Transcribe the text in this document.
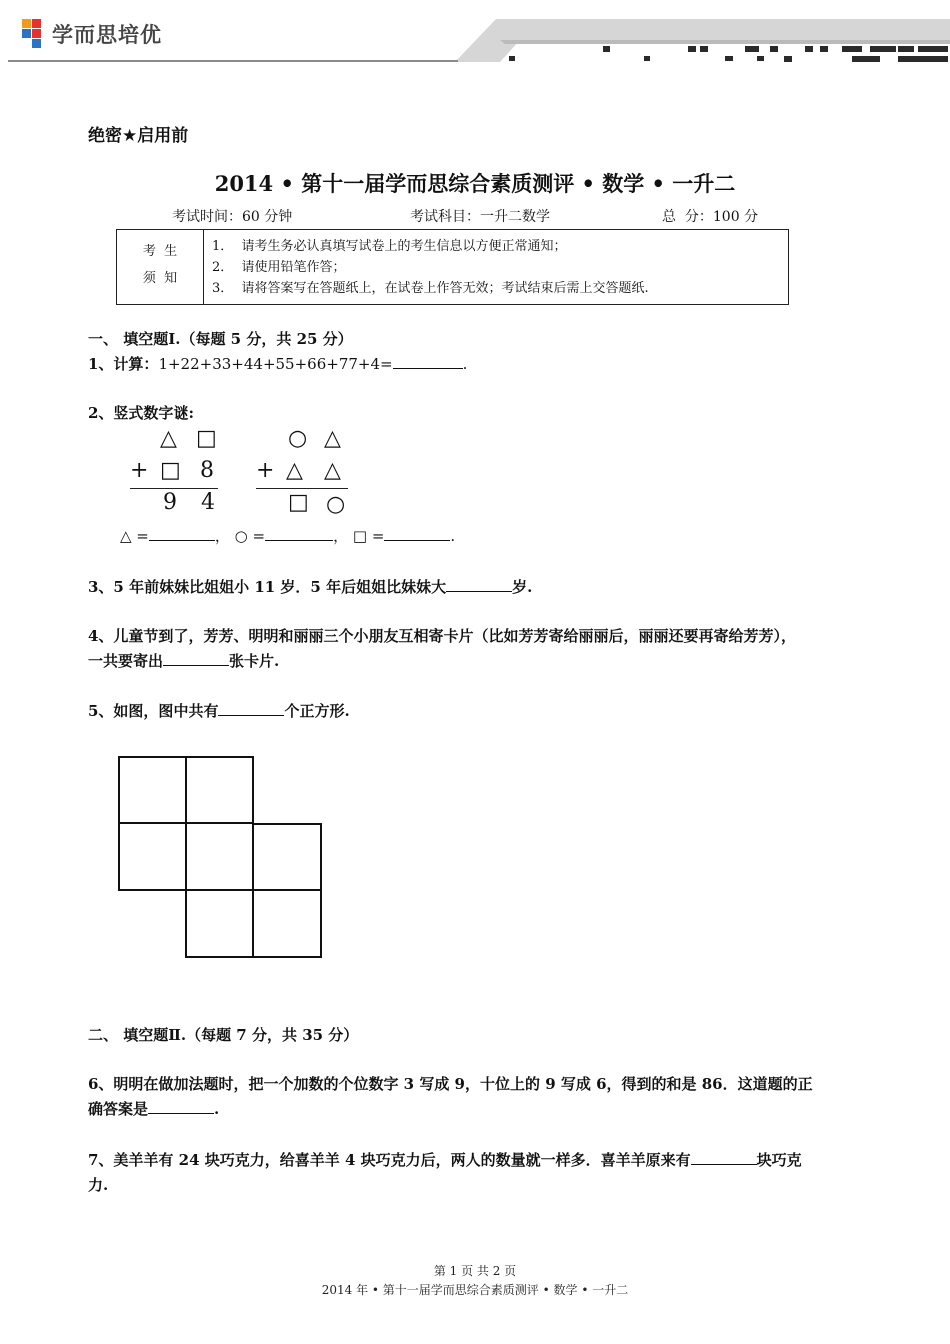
学而思培优
绝密★启用前
2014 • 第十一届学而思综合素质测评 • 数学 • 一升二
考试时间：60 分钟	考试科目：一升二数学	总  分：100 分
考  生
须  知

1．  请考生务必认真填写试卷上的考生信息以方便正常通知；
2．  请使用铅笔作答；
3．  请将答案写在答题纸上，在试卷上作答无效；考试结束后需上交答题纸.
一、 填空题Ⅰ.（每题 5 分，共 25 分）
1、计算：1+22+33+44+55+66+77+4=	.
2、竖式数字谜:
△ □
+ □ 8
9 4
○ △
+ △ △
□ ○
△ =	， ○ =	， □ =	.
3、5 年前妹妹比姐姐小 11 岁．5 年后姐姐比妹妹大	岁.
4、儿童节到了，芳芳、明明和丽丽三个小朋友互相寄卡片（比如芳芳寄给丽丽后，丽丽还要再寄给芳芳），
一共要寄出	张卡片.
5、如图，图中共有	个正方形.
二、 填空题Ⅱ.（每题 7 分，共 35 分）
6、明明在做加法题时，把一个加数的个位数字 3 写成 9，十位上的 9 写成 6，得到的和是 86．这道题的正
确答案是	.
7、美羊羊有 24 块巧克力，给喜羊羊 4 块巧克力后，两人的数量就一样多．喜羊羊原来有	块巧克
力.
第 1 页 共 2 页
2014 年 • 第十一届学而思综合素质测评 • 数学 • 一升二
